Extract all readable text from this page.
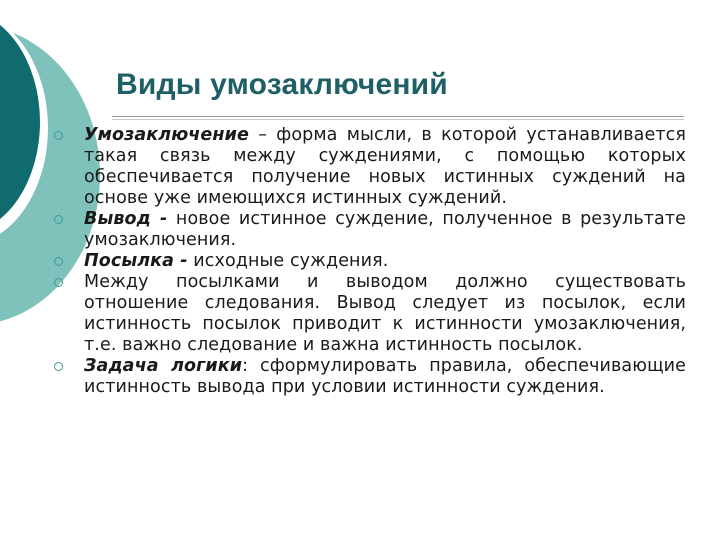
Виды умозаключений
Умозаключение – форма мысли, в которой устанавливается такая связь между суждениями, с помощью которых обеспечивается получение новых истинных суждений на основе уже имеющихся истинных суждений.
Вывод - новое истинное суждение, полученное в результате умозаключения.
Посылка - исходные суждения.
Между посылками и выводом должно существовать отношение следования. Вывод следует из посылок, если истинность посылок приводит к истинности умозаключения, т.е. важно следование и важна истинность посылок.
Задача логики: сформулировать правила, обеспечивающие истинность вывода при условии истинности суждения.
